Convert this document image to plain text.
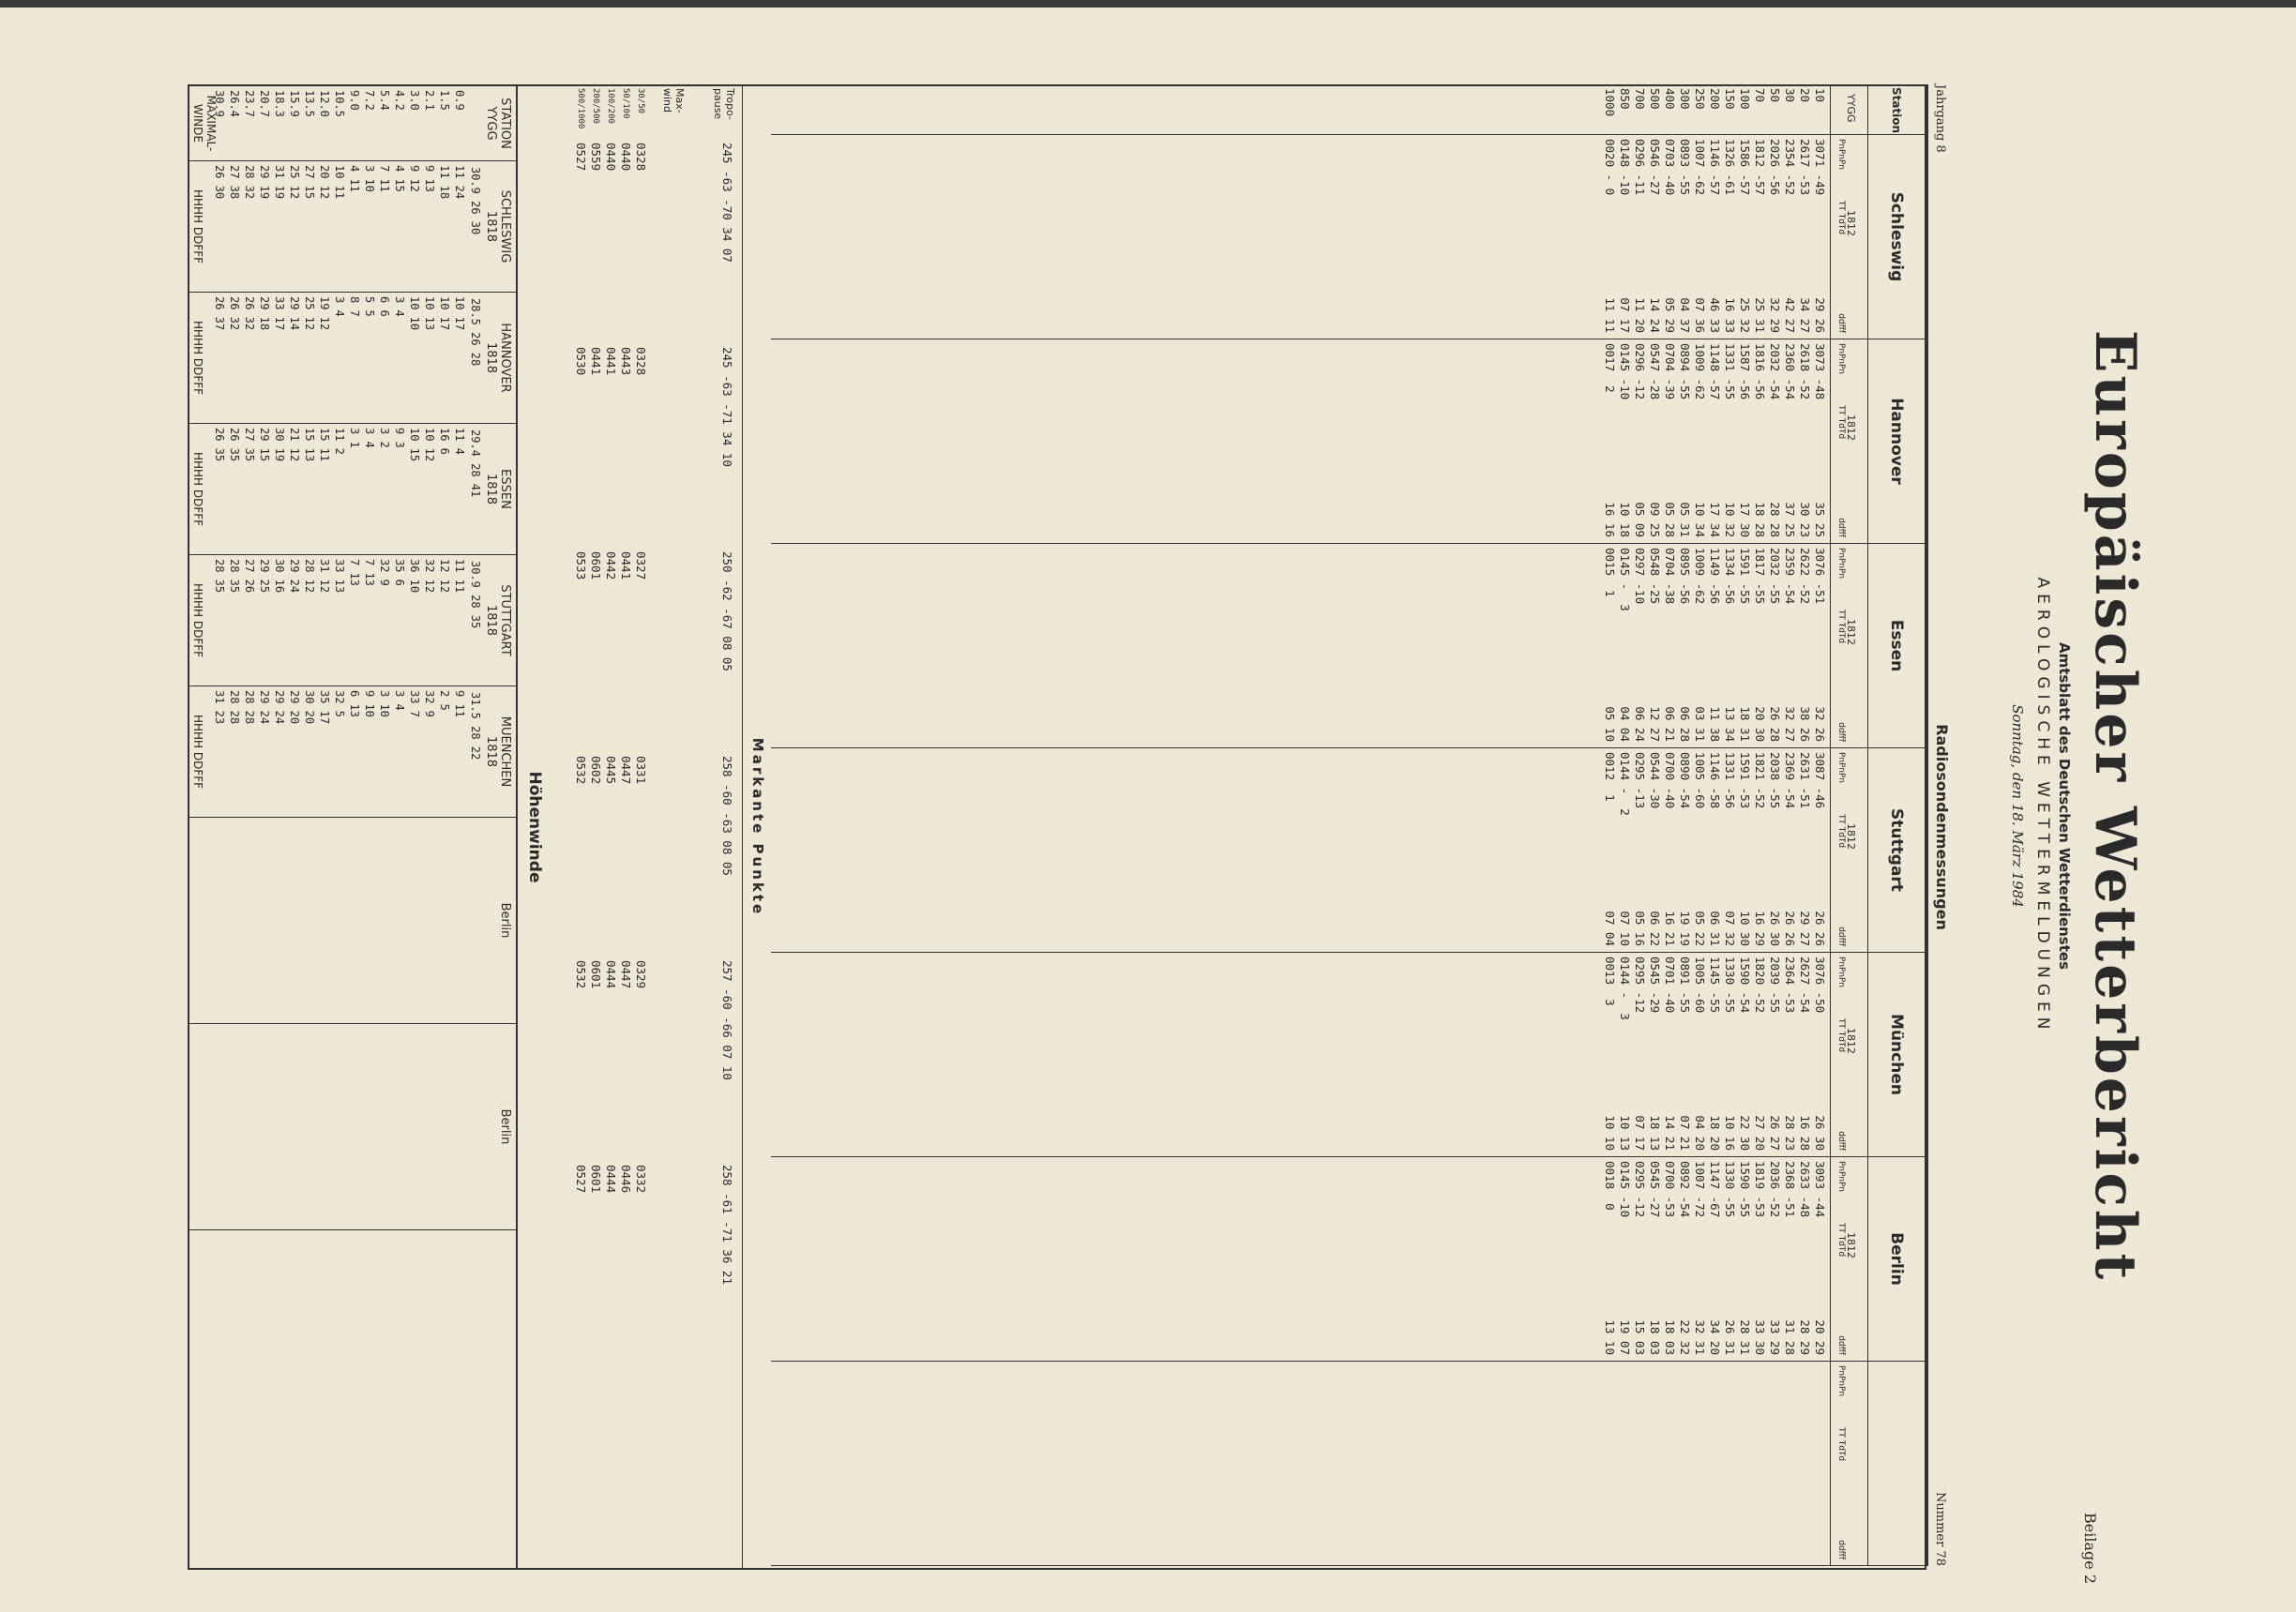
Europäischer Wetterbericht
Amtsblatt des Deutschen Wetterdienstes
AEROLOGISCHE WETTERMELDUNGEN
Sonntag, den 18. März 1984
Beilage 2
Jahrgang 8
Nummer 78
Radiosondenmessungen
Station
YYGG
10
20
30
50
70
100
150
200
250
300
400
500
700
850
1000
Schleswig
1812
PnPnPn
TT TdTd
ddfff
3071 -49
2617 -53
2354 -52
2026 -56
1812 -57
1586 -57
1326 -61
1146 -57
1007 -62
0893 -55
0703 -40
0546 -27
0296 -11
0148 -10
0020 - 0
29 26
34 27
42 27
32 29
25 31
25 32
16 33
46 33
07 36
04 37
05 29
14 24
11 20
07 17
11 11
Hannover
1812
PnPnPn
TT TdTd
ddfff
3073 -48
2618 -52
2360 -54
2032 -54
1816 -56
1587 -56
1331 -55
1148 -57
1009 -62
0894 -55
0704 -39
0547 -28
0296 -12
0145 -10
0017  2
35 25
30 23
37 25
28 28
18 28
17 30
10 32
17 34
10 34
05 31
05 28
09 25
05 09
10 18
16 16
Essen
1812
PnPnPn
TT TdTd
ddfff
3076 -51
2622 -52
2359 -54
2032 -55
1817 -55
1591 -55
1334 -56
1149 -56
1009 -62
0895 -56
0704 -38
0548 -25
0297 -10
0145 -  3
0015  1
32 26
38 26
32 27
26 28
20 30
18 31
13 34
11 38
03 31
06 28
06 21
12 27
06 24
04 04
05 10
Stuttgart
1812
PnPnPn
TT TdTd
ddfff
3087 -46
2631 -51
2369 -54
2038 -55
1821 -52
1591 -53
1331 -56
1146 -58
1005 -60
0890 -54
0700 -40
0544 -30
0295 -13
0144 -  2
0012  1
26 26
29 27
26 26
26 30
16 29
10 30
07 32
06 31
05 22
19 19
16 21
06 22
05 16
07 10
07 04
München
1812
PnPnPn
TT TdTd
ddfff
3076 -50
2627 -54
2364 -53
2039 -55
1820 -52
1590 -54
1330 -55
1145 -55
1005 -60
0891 -55
0701 -40
0545 -29
0295 -12
0144 -  3
0013  3
26 30
16 28
28 23
26 27
27 20
22 30
10 16
18 20
04 20
07 21
14 21
18 13
07 17
10 13
10 10
Berlin
1812
PnPnPn
TT TdTd
ddfff
3093 -44
2633 -48
2368 -51
2036 -52
1819 -53
1590 -55
1330 -55
1147 -67
1007 -72
0892 -54
0700 -53
0545 -27
0295 -12
0145 -10
0018  0
20 29
28 29
31 28
33 29
33 30
28 31
26 31
34 20
32 31
22 32
18 03
18 03
15 03
19 07
13 10
PnPnPn
TT TdTd
ddfff
Markante Punkte
Tropo-pause
Max-wind
30/50
50/100
100/200
200/500
500/1000
245 -63 -70 34 07
0328
0440
0440
0559
0527
245 -63 -71 34 10
0328
0443
0441
0441
0530
250 -62 -67 08 05
0327
0441
0442
0601
0533
258 -60 -63 08 05
0331
0447
0445
0602
0532
257 -60 -66 07 10
0329
0447
0444
0601
0532
258 -61 -71 36 21
0332
0446
0444
0601
0527
Höhenwinde
STATION
YYGG
0.9
1.5
2.1
3.0
4.2
5.4
7.2
9.0
10.5
12.0
13.5
15.9
18.3
20.7
23.7
26.4
30.9
MAXIMAL-WINDE
SCHLESWIG
1818
30.9 26 30
11 24
11 18
9 13
9 12
4 15
7 11
3 10
4 11
10 11
20 12
27 15
25 12
31 19
29 19
28 32
27 38
26 30
HHHH DDFFF
HANNOVER
1818
28.5 26 28
10 17
10 17
10 13
10 10
3 4
6 6
5 5
8 7
3 4
19 12
25 12
29 14
33 17
29 18
26 32
26 32
26 37
HHHH DDFFF
ESSEN
1818
29.4 28 41
11 4
16 6
10 12
10 15
9 3
3 2
3 4
3 1
11 2
15 11
15 13
21 12
30 19
29 15
27 35
26 35
26 35
HHHH DDFFF
STUTTGART
1818
30.9 28 35
11 11
12 12
32 12
36 10
35 6
32 9
7 13
7 13
33 13
31 12
28 12
29 24
30 16
29 25
27 26
28 35
28 35
HHHH DDFFF
MUENCHEN
1818
31.5 28 22
9 11
2 5
32 9
33 7
3 4
3 10
9 10
6 13
32 5
35 17
30 20
29 20
29 24
29 24
28 28
28 28
31 23
HHHH DDFFF
Berlin
Berlin
